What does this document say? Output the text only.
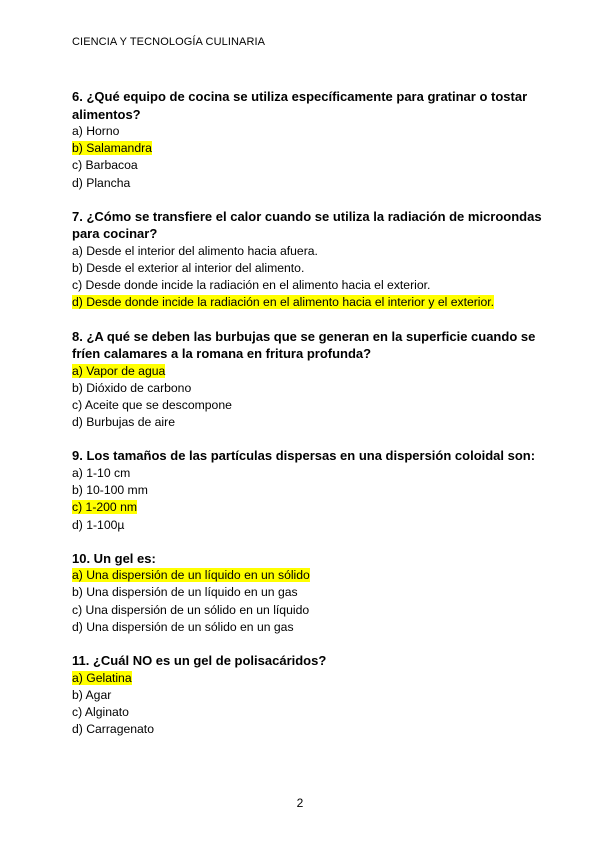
CIENCIA Y TECNOLOGÍA CULINARIA
6. ¿Qué equipo de cocina se utiliza específicamente para gratinar o tostar alimentos?
a) Horno
b) Salamandra
c) Barbacoa
d) Plancha
7. ¿Cómo se transfiere el calor cuando se utiliza la radiación de microondas para cocinar?
a) Desde el interior del alimento hacia afuera.
b) Desde el exterior al interior del alimento.
c) Desde donde incide la radiación en el alimento hacia el exterior.
d) Desde donde incide la radiación en el alimento hacia el interior y el exterior.
8. ¿A qué se deben las burbujas que se generan en la superficie cuando se fríen calamares a la romana en fritura profunda?
a) Vapor de agua
b) Dióxido de carbono
c) Aceite que se descompone
d) Burbujas de aire
9. Los tamaños de las partículas dispersas en una dispersión coloidal son:
a) 1-10 cm
b) 10-100 mm
c) 1-200 nm
d) 1-100µ
10. Un gel es:
a) Una dispersión de un líquido en un sólido
b) Una dispersión de un líquido en un gas
c) Una dispersión de un sólido en un líquido
d) Una dispersión de un sólido en un gas
11. ¿Cuál NO es un gel de polisacáridos?
a) Gelatina
b) Agar
c) Alginato
d) Carragenato
2
